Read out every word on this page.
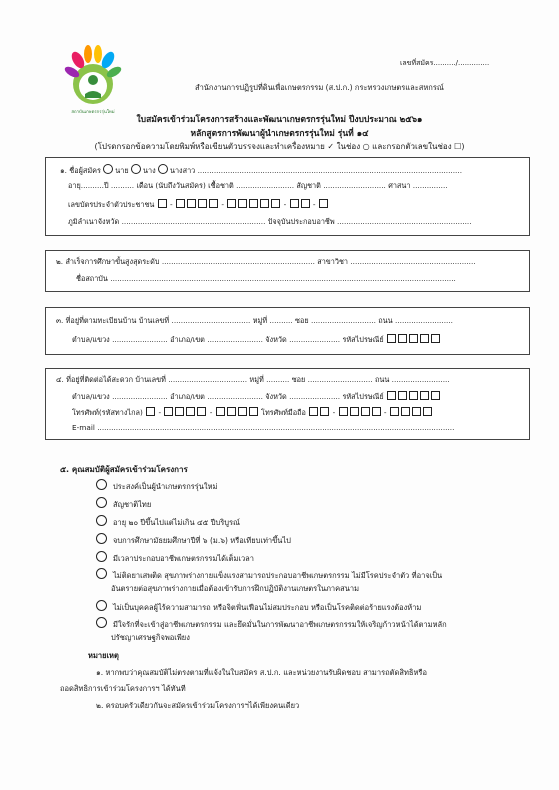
สถาบันเกษตรกรรุ่นใหม่
เลขที่สมัคร........../..............
สำนักงานการปฏิรูปที่ดินเพื่อเกษตรกรรม (ส.ป.ก.) กระทรวงเกษตรและสหกรณ์
ใบสมัครเข้าร่วมโครงการสร้างและพัฒนาเกษตรกรรุ่นใหม่ ปีงบประมาณ ๒๕๖๑
หลักสูตรการพัฒนาผู้นำเกษตรกรรุ่นใหม่ รุ่นที่ ๑๔
(โปรดกรอกข้อความโดยพิมพ์หรือเขียนตัวบรรจงและทำเครื่องหมาย ✓ ในช่อง ○ และกรอกตัวเลขในช่อง ☐)
๑. ชื่อผู้สมัคร นาย นาง นางสาว ..................................................................................................................
อายุ..........ปี .......... เดือน (นับถึงวันสมัคร) เชื้อชาติ ......................... สัญชาติ ........................... ศาสนา ...............
เลขบัตรประจำตัวประชาชน  -	-	-	-
ภูมิลำเนาจังหวัด .............................................................. ปัจจุบันประกอบอาชีพ ..........................................................
๒. สำเร็จการศึกษาขั้นสูงสุดระดับ .................................................................. สาขาวิชา ......................................................
ชื่อสถาบัน .....................................................................................................................................................
๓. ที่อยู่ที่ตามทะเบียนบ้าน บ้านเลขที่ .................................. หมู่ที่ .......... ซอย ............................ ถนน .........................
ตำบล/แขวง ........................ อำเภอ/เขต ........................ จังหวัด ...................... รหัสไปรษณีย์
๔. ที่อยู่ที่ติดต่อได้สะดวก บ้านเลขที่ .................................. หมู่ที่ .......... ซอย ............................ ถนน .........................
ตำบล/แขวง ........................ อำเภอ/เขต ........................ จังหวัด ...................... รหัสไปรษณีย์
โทรศัพท์(รหัสทางไกล)  -	-	โทรศัพท์มือถือ	-	-
E-mail ..........................................................................................................................................................
๕. คุณสมบัติผู้สมัครเข้าร่วมโครงการ
ประสงค์เป็นผู้นำเกษตรกรรุ่นใหม่
สัญชาติไทย
อายุ ๒๐ ปีขึ้นไปแต่ไม่เกิน ๔๕ ปีบริบูรณ์
จบการศึกษามัธยมศึกษาปีที่ ๖ (ม.๖) หรือเทียบเท่าขึ้นไป
มีเวลาประกอบอาชีพเกษตรกรรมได้เต็มเวลา
ไม่ติดยาเสพติด สุขภาพร่างกายแข็งแรงสามารถประกอบอาชีพเกษตรกรรม ไม่มีโรคประจำตัว ที่อาจเป็น
อันตรายต่อสุขภาพร่างกายเมื่อต้องเข้ารับการฝึกปฏิบัติงานเกษตรในภาคสนาม
ไม่เป็นบุคคลผู้ไร้ความสามารถ หรือจิตฟั่นเฟือนไม่สมประกอบ หรือเป็นโรคติดต่อร้ายแรงต้องห้าม
มีใจรักที่จะเข้าสู่อาชีพเกษตรกรรม และยึดมั่นในการพัฒนาอาชีพเกษตรกรรมให้เจริญก้าวหน้าได้ตามหลัก
ปรัชญาเศรษฐกิจพอเพียง
หมายเหตุ
๑. หากพบว่าคุณสมบัติไม่ตรงตามที่แจ้งในใบสมัคร ส.ป.ก. และหน่วยงานรับผิดชอบ สามารถตัดสิทธิหรือ
ถอดสิทธิการเข้าร่วมโครงการฯ ได้ทันที
๒. ครอบครัวเดียวกันจะสมัครเข้าร่วมโครงการฯได้เพียงคนเดียว
